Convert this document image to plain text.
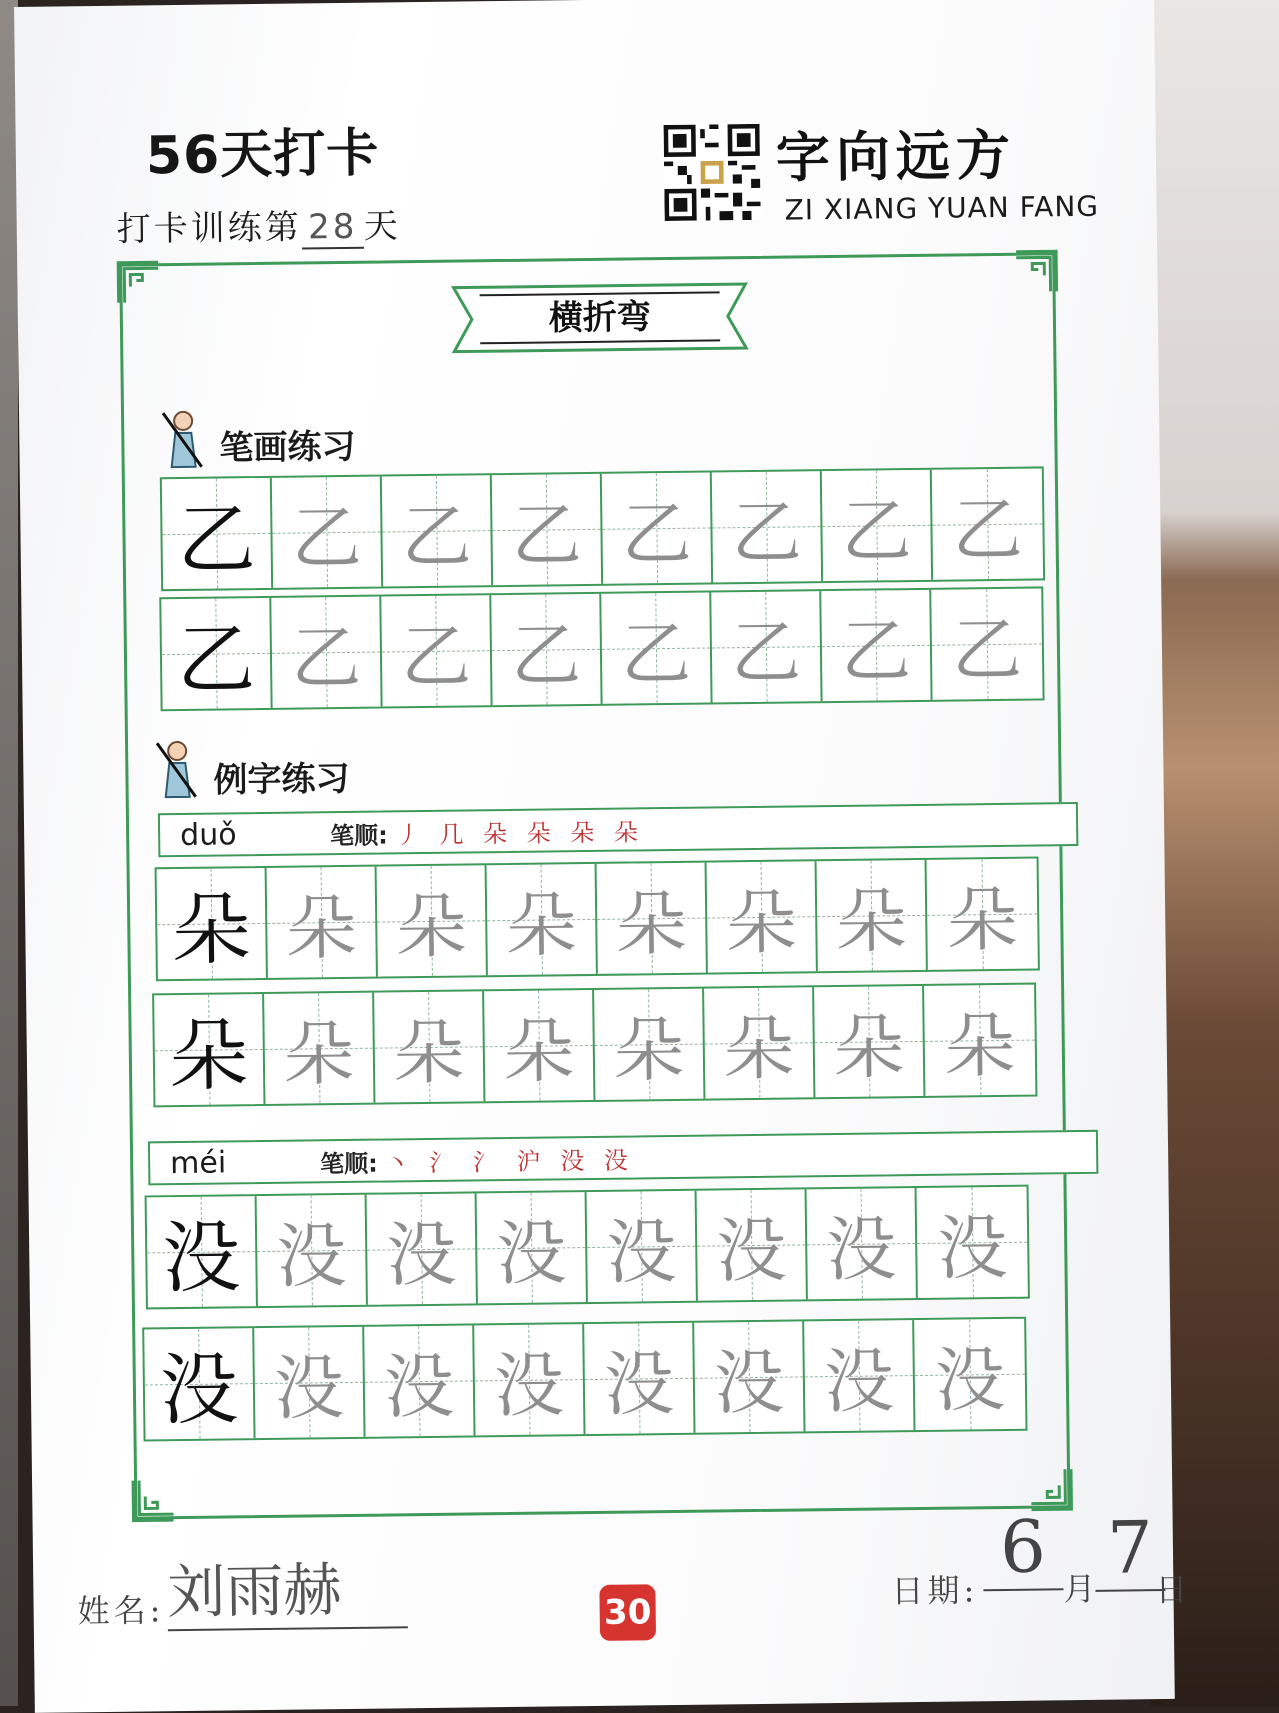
56天打卡
打卡训练第 28 天
字向远方
ZI XIANG YUAN FANG
横折弯
笔画练习
乙 乙 乙 乙 乙 乙 乙 乙
乙 乙 乙 乙 乙 乙 乙 乙
例字练习
duǒ	笔顺: 丿 几 朵 朵 朵 朵
朵 朵 朵 朵 朵 朵 朵 朵
朵 朵 朵 朵 朵 朵 朵 朵
méi	笔顺: 丶 氵 氵 沪 没 没
没 没 没 没 没 没 没 没
没 没 没 没 没 没 没 没
姓名: 刘雨赫	30
日期:
6
月 7
日
